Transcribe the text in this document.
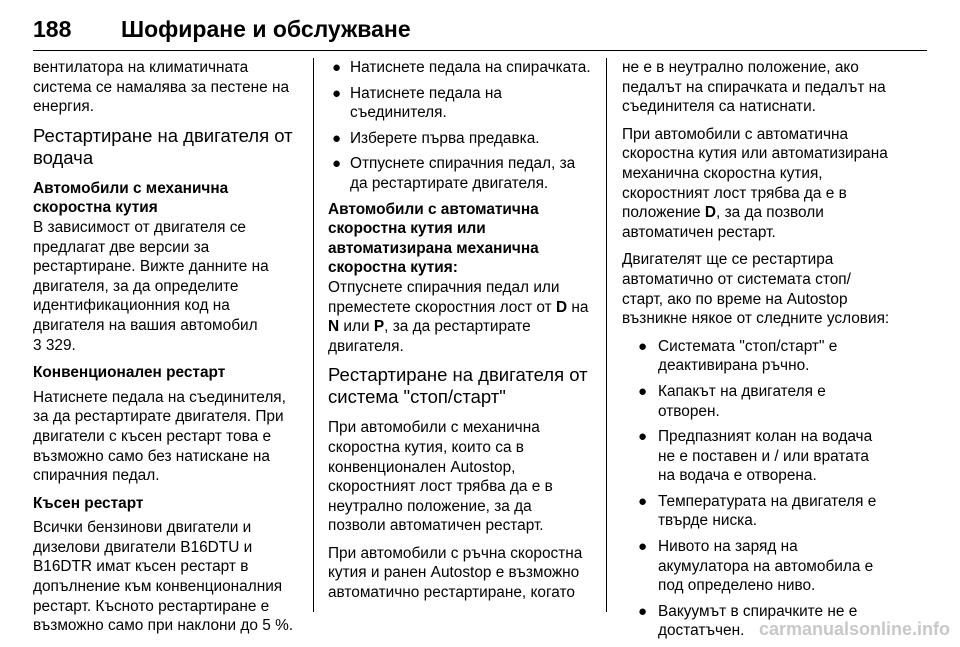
188 Шофиране и обслужване

вентилатора на климатичната система се намалява за пестене на енергия.

Рестартиране на двигателя от водача
Автомобили с механична скоростна кутия

В зависимост от двигателя се предлагат две версии за рестартиране. Вижте данните на двигателя, за да определите идентификационния код на двигателя на вашия автомобил
3 329.

Конвенционален рестарт

Натиснете педала на съединителя, за да рестартирате двигателя. При двигатели с късен рестарт това е възможно само без натискане на спирачния педал.

Късен рестарт

Всички бензинови двигатели и дизелови двигатели B16DTU и B16DTR имат късен рестарт в допълнение към конвенционалния рестарт. Късното рестартиране е възможно само при наклони до 5 %.

● Натиснете педала на спирачката.
● Натиснете педала на съединителя.
● Изберете първа предавка.
● Отпуснете спирачния педал, за да рестартирате двигателя.
Автомобили с автоматична скоростна кутия или автоматизирана механична скоростна кутия:

Отпуснете спирачния педал или преместете скоростния лост от D на N или P, за да рестартирате двигателя.

Рестартиране на двигателя от система "стоп/старт"

При автомобили с механична скоростна кутия, които са в конвенционален Autostop, скоростният лост трябва да е в неутрално положение, за да позволи автоматичен рестарт.

При автомобили с ръчна скоростна кутия и ранен Autostop е възможно автоматично рестартиране, когато

не е в неутрално положение, ако педалът на спирачката и педалът на съединителя са натиснати.

При автомобили с автоматична скоростна кутия или автоматизирана механична скоростна кутия, скоростният лост трябва да е в положение D, за да позволи автоматичен рестарт.

Двигателят ще се рестартира автоматично от системата стоп/старт, ако по време на Autostop възникне някое от следните условия:

● Системата "стоп/старт" е деактивирана ръчно.
● Капакът на двигателя е отворен.
● Предпазният колан на водача не е поставен и / или вратата на водача е отворена.
● Температурата на двигателя е твърде ниска.
● Нивото на заряд на акумулатора на автомобила е под определено ниво.
● Вакуумът в спирачките не е достатъчен. carmanualsonline.info
